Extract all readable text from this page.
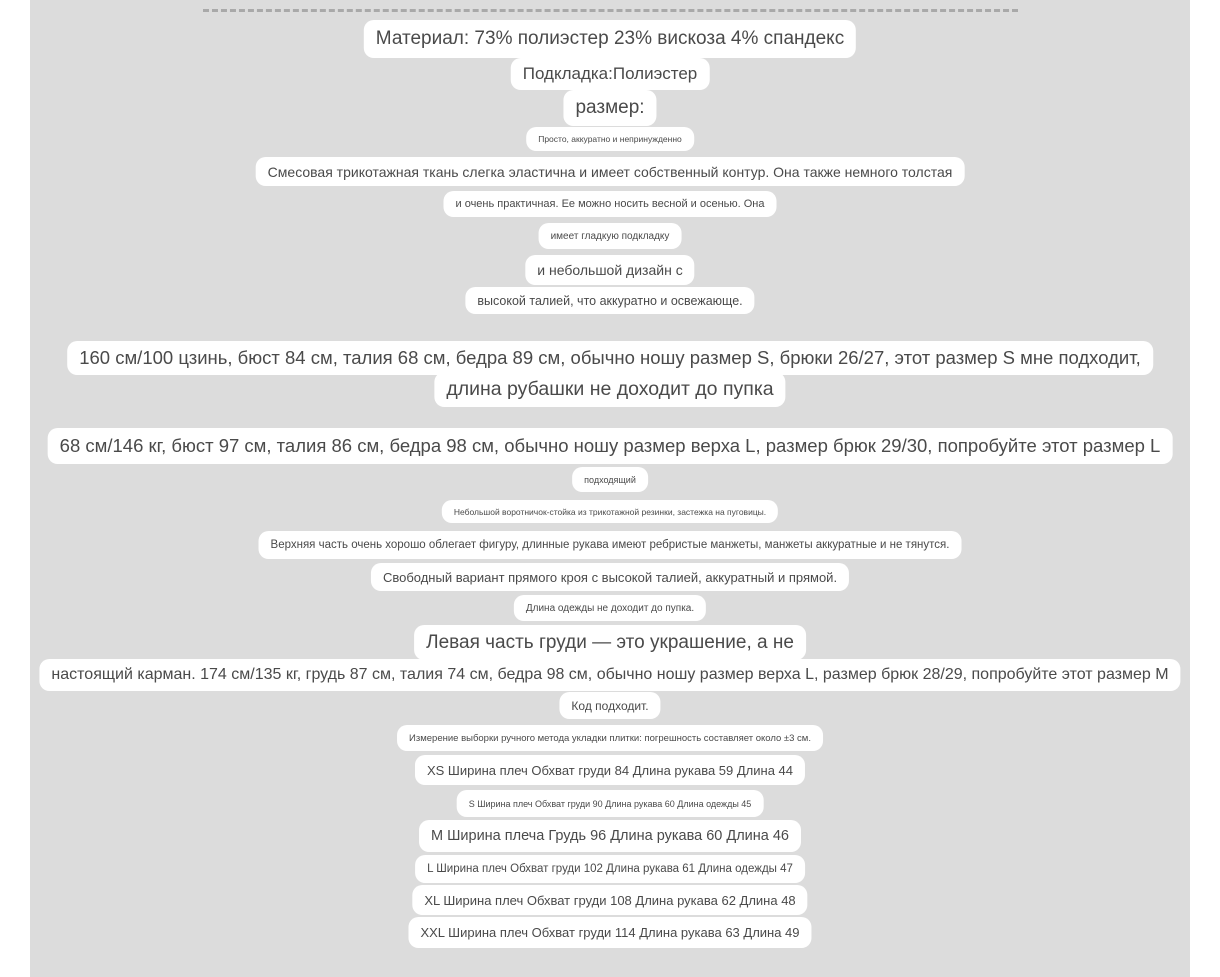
Материал: 73% полиэстер 23% вискоза 4% спандекс
Подкладка:Полиэстер
размер:
Просто, аккуратно и непринужденно
Смесовая трикотажная ткань слегка эластична и имеет собственный контур. Она также немного толстая
и очень практичная. Ее можно носить весной и осенью. Она
имеет гладкую подкладку
и небольшой дизайн с
высокой талией, что аккуратно и освежающе.
160 см/100 цзинь, бюст 84 см, талия 68 см, бедра 89 см, обычно ношу размер S, брюки 26/27, этот размер S мне подходит,
длина рубашки не доходит до пупка
68 см/146 кг, бюст 97 см, талия 86 см, бедра 98 см, обычно ношу размер верха L, размер брюк 29/30, попробуйте этот размер L
подходящий
Небольшой воротничок-стойка из трикотажной резинки, застежка на пуговицы.
Верхняя часть очень хорошо облегает фигуру, длинные рукава имеют ребристые манжеты, манжеты аккуратные и не тянутся.
Свободный вариант прямого кроя с высокой талией, аккуратный и прямой.
Длина одежды не доходит до пупка.
Левая часть груди — это украшение, а не
настоящий карман. 174 см/135 кг, грудь 87 см, талия 74 см, бедра 98 см, обычно ношу размер верха L, размер брюк 28/29, попробуйте этот размер M
Код подходит.
Измерение выборки ручного метода укладки плитки: погрешность составляет около ±3 см.
XS Ширина плеч Обхват груди 84 Длина рукава 59 Длина 44
S Ширина плеч Обхват груди 90 Длина рукава 60 Длина одежды 45
M Ширина плеча Грудь 96 Длина рукава 60 Длина 46
L Ширина плеч Обхват груди 102 Длина рукава 61 Длина одежды 47
XL Ширина плеч Обхват груди 108 Длина рукава 62 Длина 48
XXL Ширина плеч Обхват груди 114 Длина рукава 63 Длина 49
